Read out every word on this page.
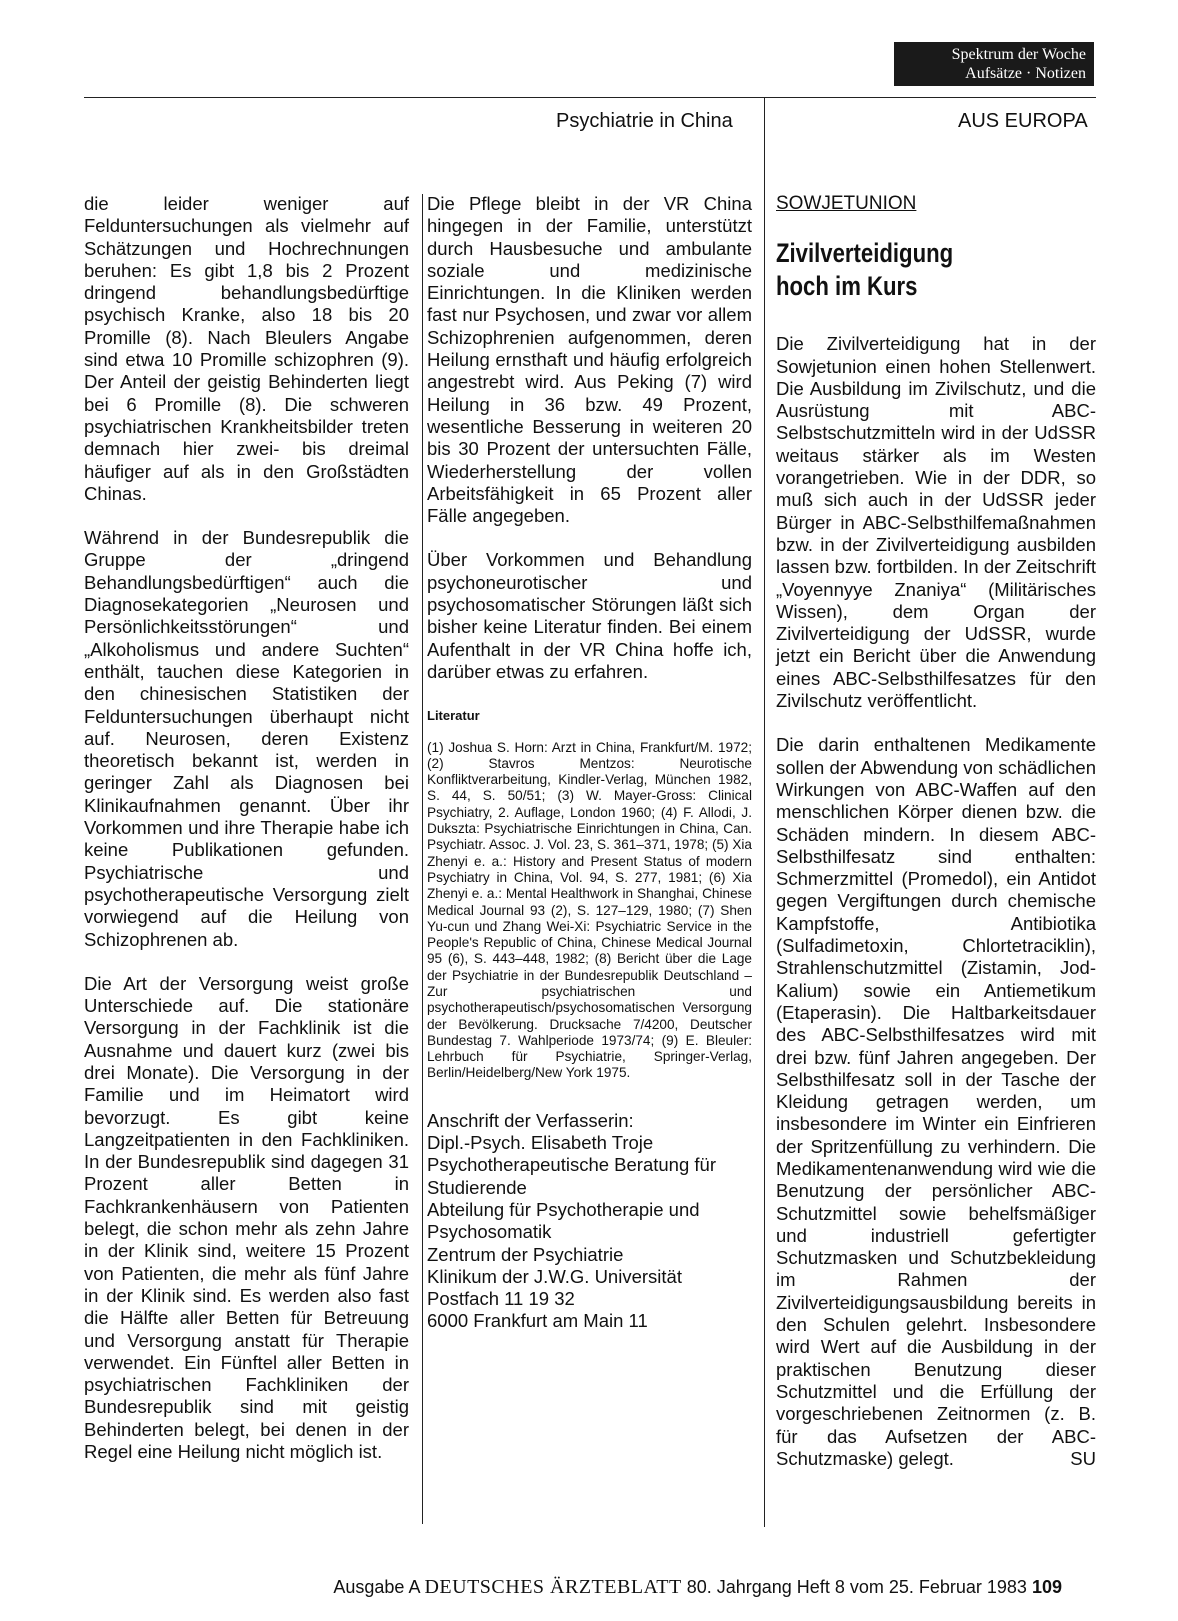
Spektrum der Woche
Aufsätze · Notizen
Psychiatrie in China	AUS EUROPA

die leider weniger auf Felduntersuchungen als vielmehr auf Schätzungen und Hochrechnungen beruhen: Es gibt 1,8 bis 2 Prozent dringend behandlungsbedürftige psychisch Kranke, also 18 bis 20 Promille (8). Nach Bleulers Angabe sind etwa 10 Promille schizophren (9). Der Anteil der geistig Behinderten liegt bei 6 Promille (8). Die schweren psychiatrischen Krankheitsbilder treten demnach hier zwei- bis dreimal häufiger auf als in den Großstädten Chinas.

Während in der Bundesrepublik die Gruppe der „dringend Behandlungsbedürftigen“ auch die Diagnosekategorien „Neurosen und Persönlichkeitsstörungen“ und „Alkoholismus und andere Suchten“ enthält, tauchen diese Kategorien in den chinesischen Statistiken der Felduntersuchungen überhaupt nicht auf. Neurosen, deren Existenz theoretisch bekannt ist, werden in geringer Zahl als Diagnosen bei Klinikaufnahmen genannt. Über ihr Vorkommen und ihre Therapie habe ich keine Publikationen gefunden. Psychiatrische und psychotherapeutische Versorgung zielt vorwiegend auf die Heilung von Schizophrenen ab.

Die Art der Versorgung weist große Unterschiede auf. Die stationäre Versorgung in der Fachklinik ist die Ausnahme und dauert kurz (zwei bis drei Monate). Die Versorgung in der Familie und im Heimatort wird bevorzugt. Es gibt keine Langzeitpatienten in den Fachkliniken. In der Bundesrepublik sind dagegen 31 Prozent aller Betten in Fachkrankenhäusern von Patienten belegt, die schon mehr als zehn Jahre in der Klinik sind, weitere 15 Prozent von Patienten, die mehr als fünf Jahre in der Klinik sind. Es werden also fast die Hälfte aller Betten für Betreuung und Versorgung anstatt für Therapie verwendet. Ein Fünftel aller Betten in psychiatrischen Fachkliniken der Bundesrepublik sind mit geistig Behinderten belegt, bei denen in der Regel eine Heilung nicht möglich ist.

Die Pflege bleibt in der VR China hingegen in der Familie, unterstützt durch Hausbesuche und ambulante soziale und medizinische Einrichtungen. In die Kliniken werden fast nur Psychosen, und zwar vor allem Schizophrenien aufgenommen, deren Heilung ernsthaft und häufig erfolgreich angestrebt wird. Aus Peking (7) wird Heilung in 36 bzw. 49 Prozent, wesentliche Besserung in weiteren 20 bis 30 Prozent der untersuchten Fälle, Wiederherstellung der vollen Arbeitsfähigkeit in 65 Prozent aller Fälle angegeben.

Über Vorkommen und Behandlung psychoneurotischer und psychosomatischer Störungen läßt sich bisher keine Literatur finden. Bei einem Aufenthalt in der VR China hoffe ich, darüber etwas zu erfahren.

Literatur
(1) Joshua S. Horn: Arzt in China, Frankfurt/M. 1972; (2) Stavros Mentzos: Neurotische Konfliktverarbeitung, Kindler-Verlag, München 1982, S. 44, S. 50/51; (3) W. Mayer-Gross: Clinical Psychiatry, 2. Auflage, London 1960; (4) F. Allodi, J. Dukszta: Psychiatrische Einrichtungen in China, Can. Psychiatr. Assoc. J. Vol. 23, S. 361–371, 1978; (5) Xia Zhenyi e. a.: History and Present Status of modern Psychiatry in China, Vol. 94, S. 277, 1981; (6) Xia Zhenyi e. a.: Mental Healthwork in Shanghai, Chinese Medical Journal 93 (2), S. 127–129, 1980; (7) Shen Yu-cun und Zhang Wei-Xi: Psychiatric Service in the People's Republic of China, Chinese Medical Journal 95 (6), S. 443–448, 1982; (8) Bericht über die Lage der Psychiatrie in der Bundesrepublik Deutschland – Zur psychiatrischen und psychotherapeutisch/psychosomatischen Versorgung der Bevölkerung. Drucksache 7/4200, Deutscher Bundestag 7. Wahlperiode 1973/74; (9) E. Bleuler: Lehrbuch für Psychiatrie, Springer-Verlag, Berlin/Heidelberg/New York 1975.
Anschrift der Verfasserin:
Dipl.-Psych. Elisabeth Troje
Psychotherapeutische Beratung für Studierende
Abteilung für Psychotherapie und Psychosomatik
Zentrum der Psychiatrie
Klinikum der J.W.G. Universität
Postfach 11 19 32
6000 Frankfurt am Main 11
SOWJETUNION
Zivilverteidigung
hoch im Kurs

Die Zivilverteidigung hat in der Sowjetunion einen hohen Stellenwert. Die Ausbildung im Zivilschutz, und die Ausrüstung mit ABC-Selbstschutzmitteln wird in der UdSSR weitaus stärker als im Westen vorangetrieben. Wie in der DDR, so muß sich auch in der UdSSR jeder Bürger in ABC-Selbsthilfemaßnahmen bzw. in der Zivilverteidigung ausbilden lassen bzw. fortbilden. In der Zeitschrift „Voyennyye Znaniya“ (Militärisches Wissen), dem Organ der Zivilverteidigung der UdSSR, wurde jetzt ein Bericht über die Anwendung eines ABC-Selbsthilfesatzes für den Zivilschutz veröffentlicht.

Die darin enthaltenen Medikamente sollen der Abwendung von schädlichen Wirkungen von ABC-Waffen auf den menschlichen Körper dienen bzw. die Schäden mindern. In diesem ABC-Selbsthilfesatz sind enthalten: Schmerzmittel (Promedol), ein Antidot gegen Vergiftungen durch chemische Kampfstoffe, Antibiotika (Sulfadimetoxin, Chlortetraciklin), Strahlenschutzmittel (Zistamin, Jod-Kalium) sowie ein Antiemetikum (Etaperasin). Die Haltbarkeitsdauer des ABC-Selbsthilfesatzes wird mit drei bzw. fünf Jahren angegeben. Der Selbsthilfesatz soll in der Tasche der Kleidung getragen werden, um insbesondere im Winter ein Einfrieren der Spritzenfüllung zu verhindern. Die Medikamentenanwendung wird wie die Benutzung der persönlicher ABC-Schutzmittel sowie behelfsmäßiger und industriell gefertigter Schutzmasken und Schutzbekleidung im Rahmen der Zivilverteidigungsausbildung bereits in den Schulen gelehrt. Insbesondere wird Wert auf die Ausbildung in der praktischen Benutzung dieser Schutzmittel und die Erfüllung der vorgeschriebenen Zeitnormen (z. B. für das Aufsetzen der ABC-Schutzmaske) gelegt.	SU

Ausgabe A DEUTSCHES ÄRZTEBLATT 80. Jahrgang Heft 8 vom 25. Februar 1983 109
